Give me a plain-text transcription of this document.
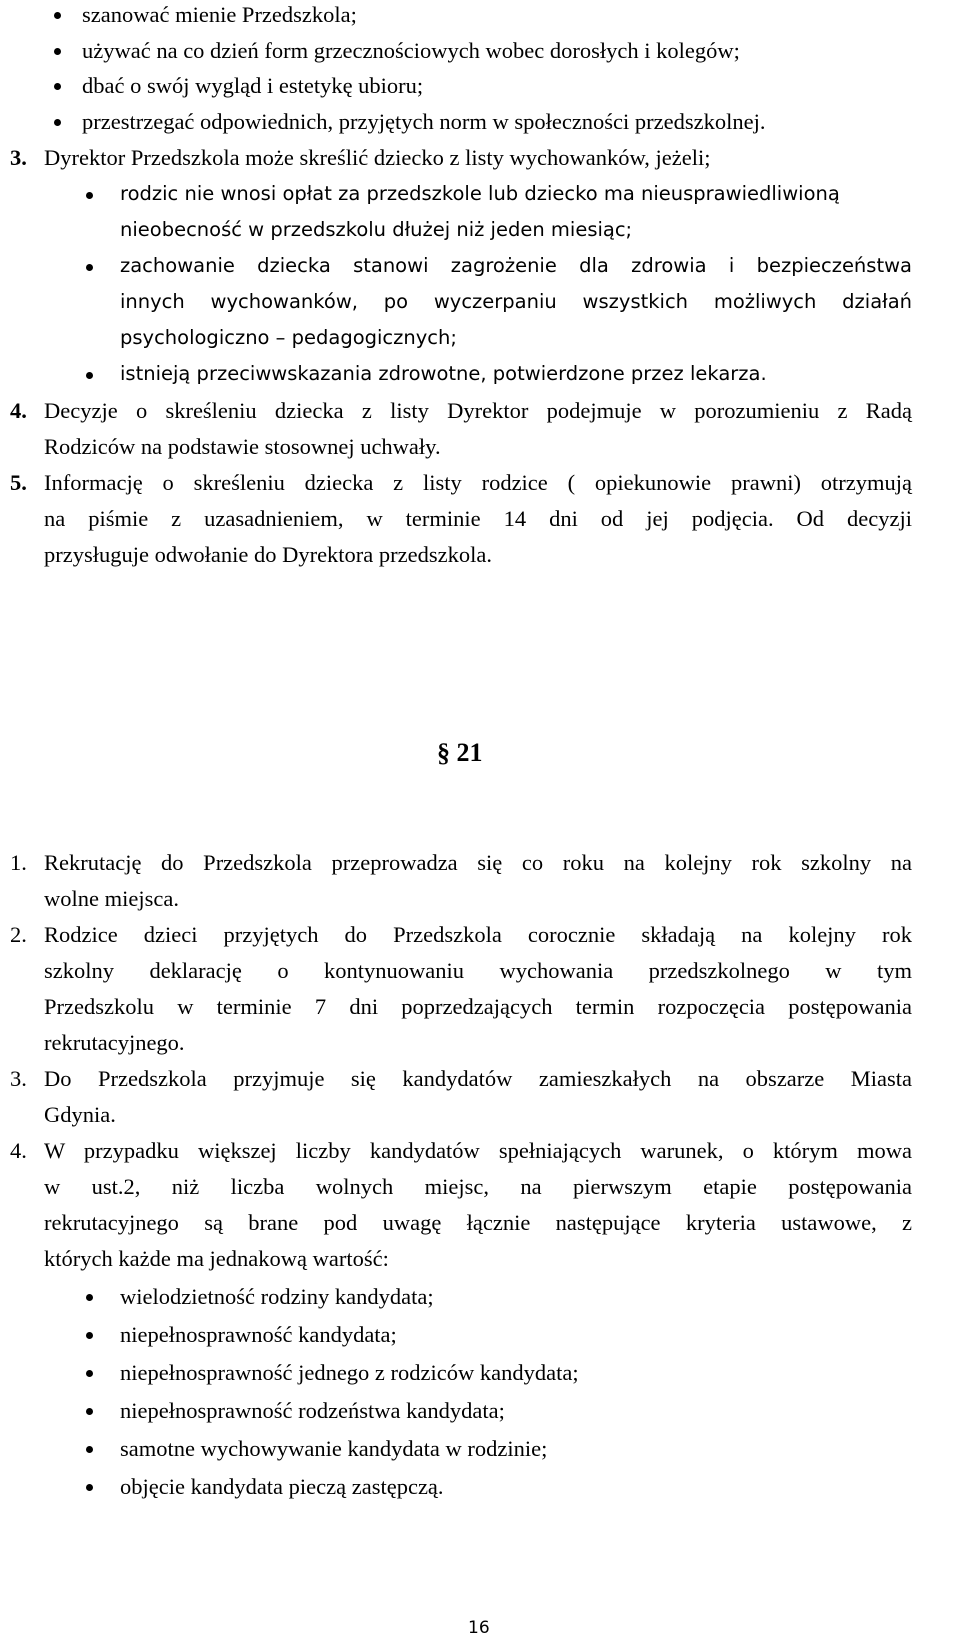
szanować mienie Przedszkola;
używać na co dzień form grzecznościowych wobec dorosłych i kolegów;
dbać o swój wygląd i estetykę ubioru;
przestrzegać odpowiednich, przyjętych norm w społeczności przedszkolnej.
3. Dyrektor Przedszkola może skreślić dziecko z listy wychowanków, jeżeli;
rodzic nie wnosi opłat za przedszkole lub dziecko ma nieusprawiedliwioną
nieobecność w przedszkolu dłużej niż jeden miesiąc;
zachowanie dziecka stanowi zagrożenie dla zdrowia i bezpieczeństwa
innych wychowanków, po wyczerpaniu wszystkich możliwych działań
psychologiczno – pedagogicznych;
istnieją przeciwwskazania zdrowotne, potwierdzone przez lekarza.
4. Decyzje o skreśleniu dziecka z listy Dyrektor podejmuje w porozumieniu z Radą
Rodziców na podstawie stosownej uchwały.
5. Informację o skreśleniu dziecka z listy rodzice ( opiekunowie prawni) otrzymują
na piśmie z uzasadnieniem, w terminie 14 dni od jej podjęcia. Od decyzji
przysługuje odwołanie do Dyrektora przedszkola.
§ 21
1. Rekrutację do Przedszkola przeprowadza się co roku na kolejny rok szkolny na
wolne miejsca.
2. Rodzice dzieci przyjętych do Przedszkola corocznie składają na kolejny rok
szkolny deklarację o kontynuowaniu wychowania przedszkolnego w tym
Przedszkolu w terminie 7 dni poprzedzających termin rozpoczęcia postępowania
rekrutacyjnego.
3. Do Przedszkola przyjmuje się kandydatów zamieszkałych na obszarze Miasta
Gdynia.
4. W przypadku większej liczby kandydatów spełniających warunek, o którym mowa
w ust.2, niż liczba wolnych miejsc, na pierwszym etapie postępowania
rekrutacyjnego są brane pod uwagę łącznie następujące kryteria ustawowe, z
których każde ma jednakową wartość:
wielodzietność rodziny kandydata;
niepełnosprawność kandydata;
niepełnosprawność jednego z rodziców kandydata;
niepełnosprawność rodzeństwa kandydata;
samotne wychowywanie kandydata w rodzinie;
objęcie kandydata pieczą zastępczą.
16
